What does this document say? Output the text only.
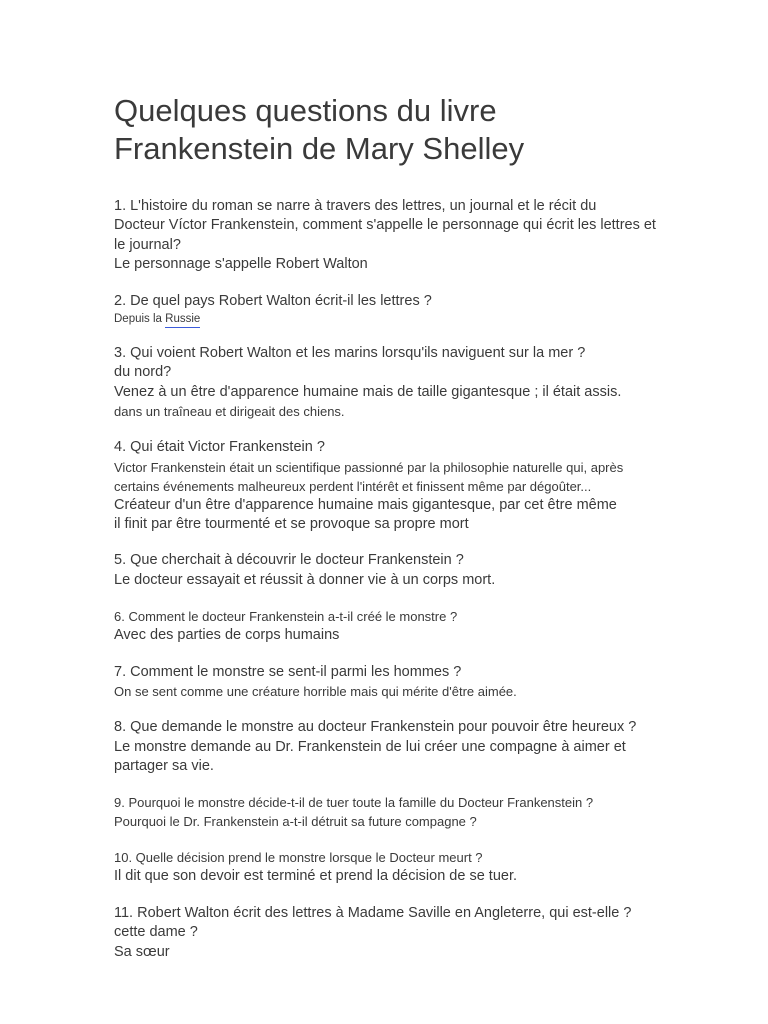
Quelques questions du livre
Frankenstein de Mary Shelley
1. L'histoire du roman se narre à travers des lettres, un journal et le récit du
Docteur Víctor Frankenstein, comment s'appelle le personnage qui écrit les lettres et
le journal?
Le personnage s'appelle Robert Walton
2. De quel pays Robert Walton écrit-il les lettres ?
Depuis la Russie
3. Qui voient Robert Walton et les marins lorsqu'ils naviguent sur la mer ?
du nord?
Venez à un être d'apparence humaine mais de taille gigantesque ; il était assis.
dans un traîneau et dirigeait des chiens.
4. Qui était Victor Frankenstein ?
Victor Frankenstein était un scientifique passionné par la philosophie naturelle qui, après
certains événements malheureux perdent l'intérêt et finissent même par dégoûter...
Créateur d'un être d'apparence humaine mais gigantesque, par cet être même
il finit par être tourmenté et se provoque sa propre mort
5. Que cherchait à découvrir le docteur Frankenstein ?
Le docteur essayait et réussit à donner vie à un corps mort.
6. Comment le docteur Frankenstein a-t-il créé le monstre ?
Avec des parties de corps humains
7. Comment le monstre se sent-il parmi les hommes ?
On se sent comme une créature horrible mais qui mérite d'être aimée.
8. Que demande le monstre au docteur Frankenstein pour pouvoir être heureux ?
Le monstre demande au Dr. Frankenstein de lui créer une compagne à aimer et
partager sa vie.
9. Pourquoi le monstre décide-t-il de tuer toute la famille du Docteur Frankenstein ?
Pourquoi le Dr. Frankenstein a-t-il détruit sa future compagne ?
10. Quelle décision prend le monstre lorsque le Docteur meurt ?
Il dit que son devoir est terminé et prend la décision de se tuer.
11. Robert Walton écrit des lettres à Madame Saville en Angleterre, qui est-elle ?
cette dame ?
Sa sœur
